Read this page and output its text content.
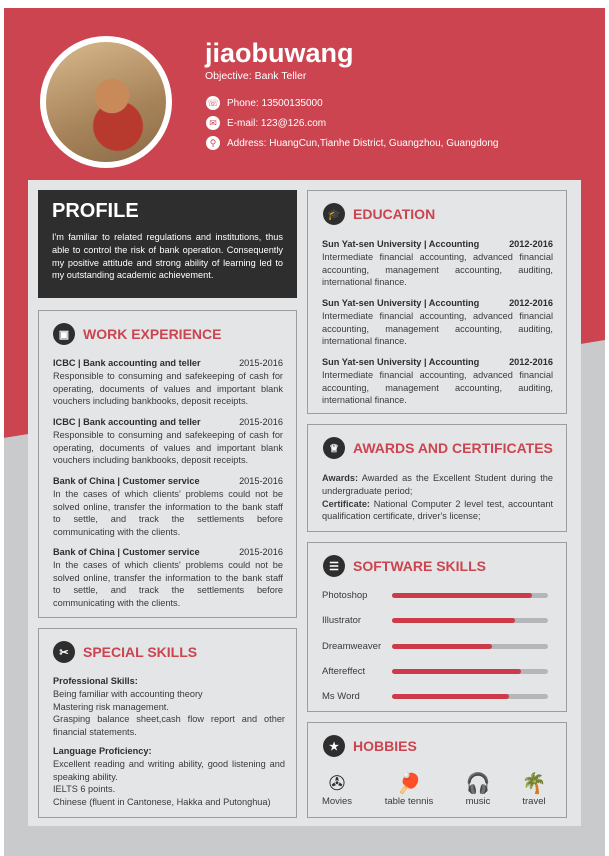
jiaobuwang
Objective: Bank Teller
☏ Phone: 13500135000
✉	E-mail: 123@126.com
⚲	Address: HuangCun,Tianhe District, Guangzhou, Guangdong
PROFILE

I'm familiar to related regulations and institutions, thus able to control the risk of bank operation. Consequently my positive attitude and strong ability of learning led to my outstanding academic achievement.

▣ WORK EXPERIENCE
ICBC | Bank accounting and teller	2015-2016
Responsible to consuming and safekeeping of cash for operating, documents of values and important blank vouchers including bankbooks, deposit receipts.
ICBC | Bank accounting and teller	2015-2016
Responsible to consuming and safekeeping of cash for operating, documents of values and important blank vouchers including bankbooks, deposit receipts.
Bank of China | Customer service	2015-2016
In the cases of which clients' problems could not be solved online, transfer the information to the bank staff to settle, and track the settlements before communicating with the clients.
Bank of China | Customer service	2015-2016
In the cases of which clients' problems could not be solved online, transfer the information to the bank staff to settle, and track the settlements before communicating with the clients.
✂	SPECIAL SKILLS
Professional Skills:
Being familiar with accounting theory
Mastering risk management.
Grasping balance sheet,cash flow report and other financial statements.
Language Proficiency:
Excellent reading and writing ability, good listening and speaking ability.
IELTS 6 points.
Chinese (fluent in Cantonese, Hakka and Putonghua)
🎓 EDUCATION
Sun Yat-sen University | Accounting	2012-2016
Intermediate financial accounting, advanced financial accounting, management accounting, auditing, international finance.
Sun Yat-sen University | Accounting	2012-2016
Intermediate financial accounting, advanced financial accounting, management accounting, auditing, international finance.
Sun Yat-sen University | Accounting	2012-2016
Intermediate financial accounting, advanced financial accounting, management accounting, auditing, international finance.
♕	AWARDS AND CERTIFICATES
Awards: Awarded as the Excellent Student during the undergraduate period;
Certificate: National Computer 2 level test, accountant qualification certificate, driver's license;
☰	SOFTWARE SKILLS
Photoshop
Illustrator
Dreamweaver
Aftereffect
Ms Word
★	HOBBIES
✇
Movies
🏓
table tennis
🎧
music
🌴
travel
